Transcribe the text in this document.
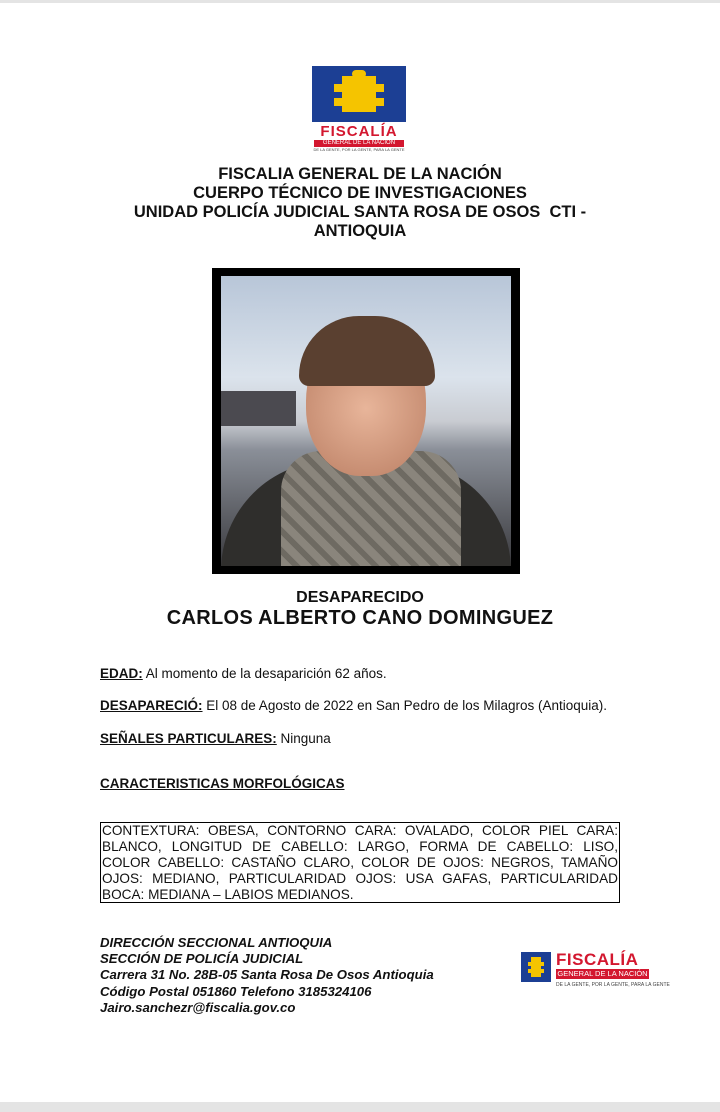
FISCALÍA
GENERAL DE LA NACIÓN
DE LA GENTE, POR LA GENTE, PARA LA GENTE
FISCALIA GENERAL DE LA NACIÓN
CUERPO TÉCNICO DE INVESTIGACIONES
UNIDAD POLICÍA JUDICIAL SANTA ROSA DE OSOS  CTI -
ANTIOQUIA
DESAPARECIDO
CARLOS ALBERTO CANO DOMINGUEZ
EDAD: Al momento de la desaparición 62 años.
DESAPARECIÓ: El 08 de Agosto de 2022 en San Pedro de los Milagros (Antioquia).
SEÑALES PARTICULARES: Ninguna
CARACTERISTICAS MORFOLÓGICAS
CONTEXTURA: OBESA, CONTORNO CARA: OVALADO, COLOR PIEL CARA: BLANCO, LONGITUD DE CABELLO: LARGO, FORMA DE CABELLO: LISO, COLOR CABELLO: CASTAÑO CLARO, COLOR DE OJOS: NEGROS, TAMAÑO OJOS: MEDIANO, PARTICULARIDAD OJOS: USA GAFAS, PARTICULARIDAD BOCA: MEDIANA – LABIOS MEDIANOS.
DIRECCIÓN SECCIONAL ANTIOQUIA
SECCIÓN DE POLICÍA JUDICIAL
Carrera 31 No. 28B-05 Santa Rosa De Osos Antioquia
Código Postal 051860 Telefono 3185324106
Jairo.sanchezr@fiscalia.gov.co
FISCALÍA
GENERAL DE LA NACIÓN
DE LA GENTE, POR LA GENTE, PARA LA GENTE
